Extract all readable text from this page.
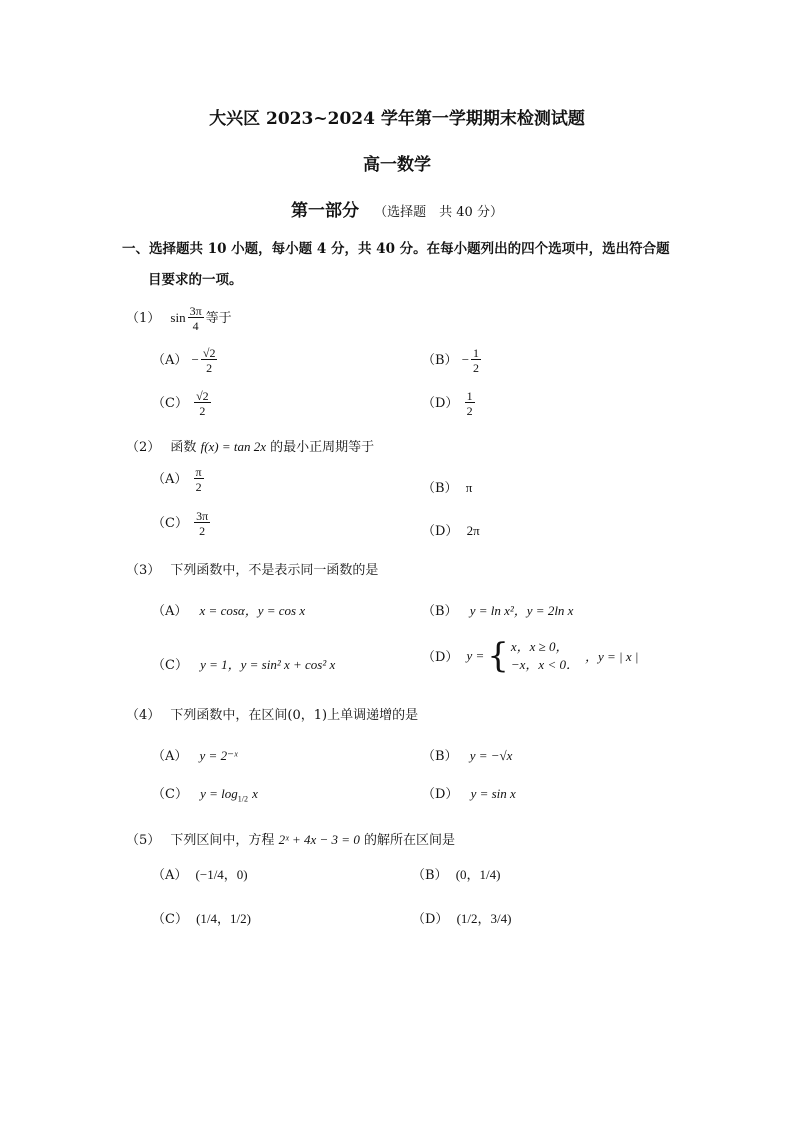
大兴区 2023~2024 学年第一学期期末检测试题
高一数学
第一部分 （选择题　共 40 分）
一、选择题共 10 小题，每小题 4 分，共 40 分。在每小题列出的四个选项中，选出符合题
目要求的一项。
（1） $\sin \frac{3\pi}{4}$ 等于
$(A) - \frac{√2}{2}$	$(B) - \frac{1}{2}$
$(C) \frac{√2}{2}$	$(D) \frac{1}{2}$
（2） 函数 f(x) = tan 2x 的最小正周期等于
$(A) \frac{\pi}{2}$	（B） π
$(C) \frac{3\pi}{2}$	（D） 2π
（3） 下列函数中，不是表示同一函数的是
（A） x = cosα，y = cos x	（B） y = ln x²，y = 2ln x
（C） y = 1，y = sin² x + cos² x	（D） y = { x，x ≥ 0，
−x，x < 0． ，y = | x |
（4） 下列函数中，在区间(0，1)上单调递增的是
（A） y = 2⁻ˣ	（B） y = −√x
（C） $y = \log_{1/2} x$	（D） y = sin x
（5） 下列区间中，方程 2ˣ + 4x − 3 = 0 的解所在区间是
（A） (−1/4，0)	（B） (0，1/4)
（C） (1/4，1/2)	（D） (1/2，3/4)
